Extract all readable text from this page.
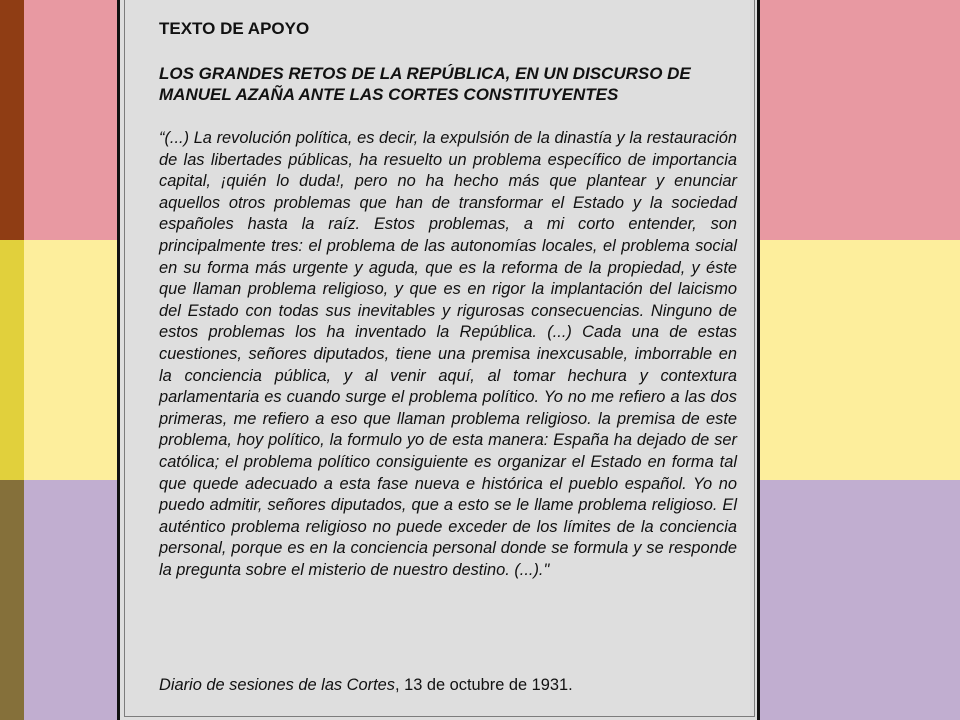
TEXTO DE APOYO

LOS GRANDES RETOS DE LA REPÚBLICA, EN UN DISCURSO DE MANUEL AZAÑA ANTE LAS CORTES CONSTITUYENTES

“(...) La revolución política, es decir, la expulsión de la dinastía y la restauración de las libertades públicas, ha resuelto un problema específico de importancia capital, ¡quién lo duda!, pero no ha hecho más que plantear y enunciar aquellos otros problemas que han de transformar el Estado y la sociedad españoles hasta la raíz. Estos problemas, a mi corto entender, son principalmente tres: el problema de las autonomías locales, el problema social en su forma más urgente y aguda, que es la reforma de la propiedad, y éste que llaman problema religioso, y que es en rigor la implantación del laicismo del Estado con todas sus inevitables y rigurosas consecuencias. Ninguno de estos problemas los ha inventado la República. (...) Cada una de estas cuestiones, señores diputados, tiene una premisa inexcusable, imborrable en la conciencia pública, y al venir aquí, al tomar hechura y contextura parlamentaria es cuando surge el problema político. Yo no me refiero a las dos primeras, me refiero a eso que llaman problema religioso. la premisa de este problema, hoy político, la formulo yo de esta manera: España ha dejado de ser católica; el problema político consiguiente es organizar el Estado en forma tal que quede adecuado a esta fase nueva e histórica el pueblo español. Yo no puedo admitir, señores diputados, que a esto se le llame problema religioso. El auténtico problema religioso no puede exceder de los límites de la conciencia personal, porque es en la conciencia personal donde se formula y se responde la pregunta sobre el misterio de nuestro destino. (...)."

Diario de sesiones de las Cortes, 13 de octubre de 1931.
